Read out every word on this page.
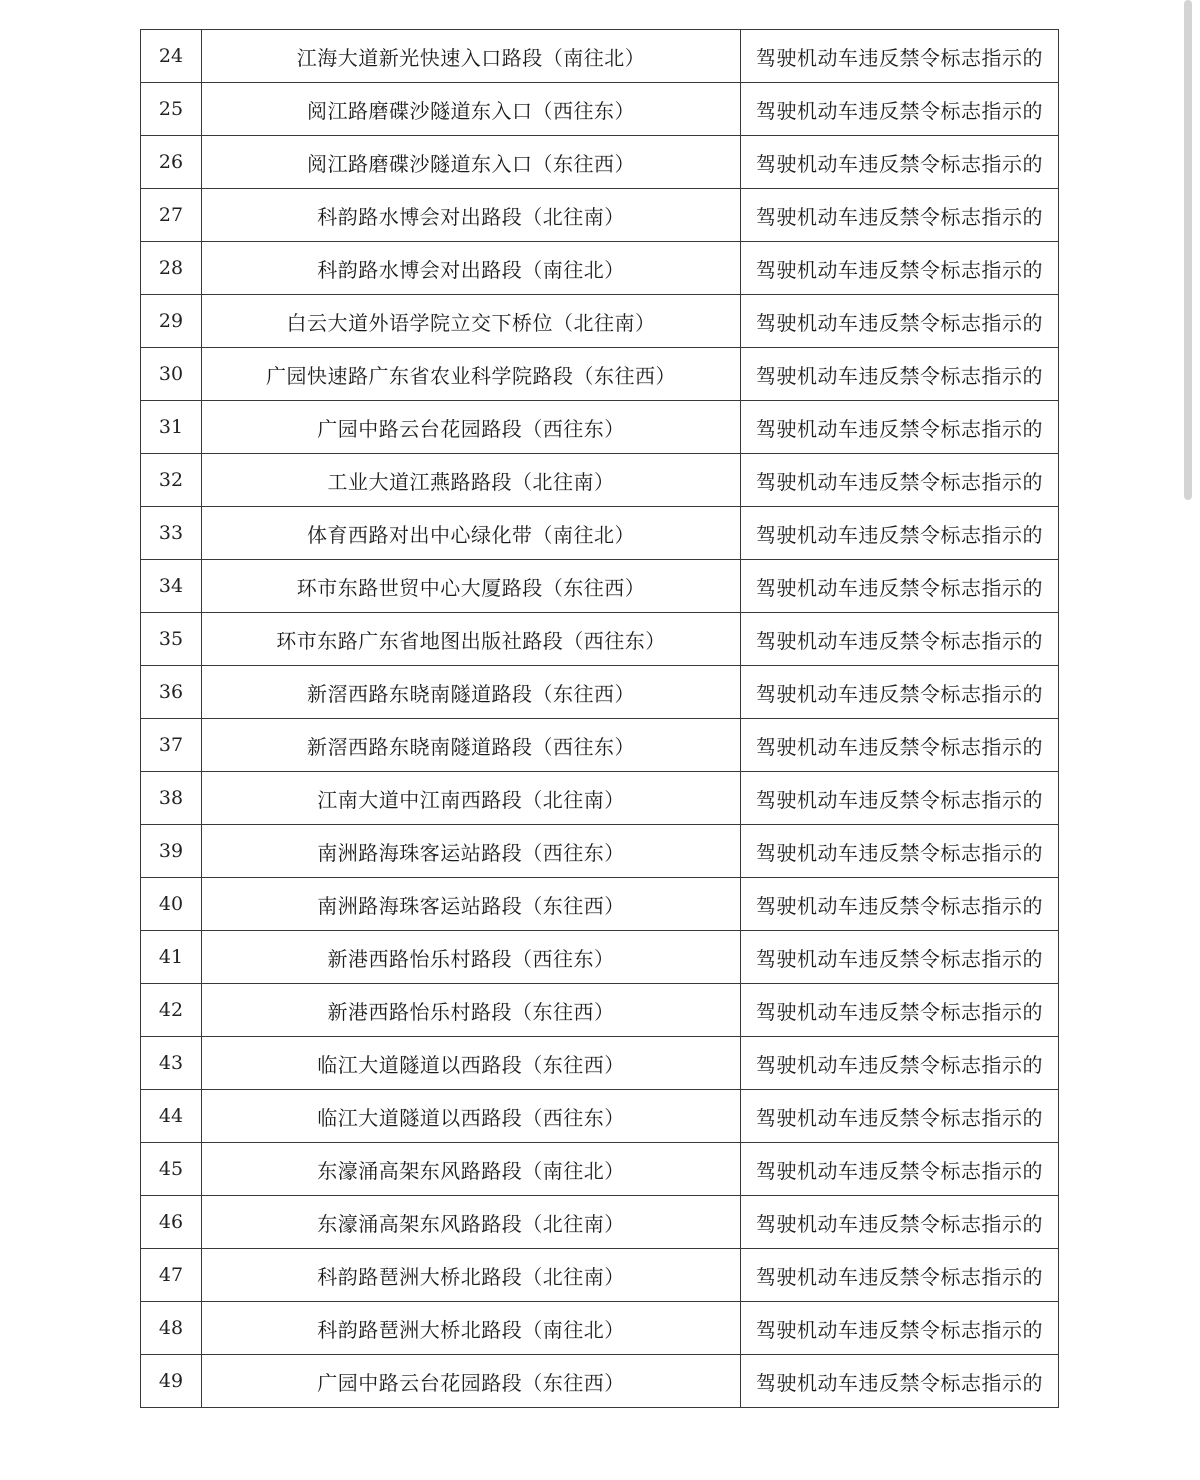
24	江海大道新光快速入口路段（南往北）	驾驶机动车违反禁令标志指示的
25	阅江路磨碟沙隧道东入口（西往东）	驾驶机动车违反禁令标志指示的
26	阅江路磨碟沙隧道东入口（东往西）	驾驶机动车违反禁令标志指示的
27	科韵路水博会对出路段（北往南）	驾驶机动车违反禁令标志指示的
28	科韵路水博会对出路段（南往北）	驾驶机动车违反禁令标志指示的
29	白云大道外语学院立交下桥位（北往南）	驾驶机动车违反禁令标志指示的
30	广园快速路广东省农业科学院路段（东往西）	驾驶机动车违反禁令标志指示的
31	广园中路云台花园路段（西往东）	驾驶机动车违反禁令标志指示的
32	工业大道江燕路路段（北往南）	驾驶机动车违反禁令标志指示的
33	体育西路对出中心绿化带（南往北）	驾驶机动车违反禁令标志指示的
34	环市东路世贸中心大厦路段（东往西）	驾驶机动车违反禁令标志指示的
35	环市东路广东省地图出版社路段（西往东）	驾驶机动车违反禁令标志指示的
36	新滘西路东晓南隧道路段（东往西）	驾驶机动车违反禁令标志指示的
37	新滘西路东晓南隧道路段（西往东）	驾驶机动车违反禁令标志指示的
38	江南大道中江南西路段（北往南）	驾驶机动车违反禁令标志指示的
39	南洲路海珠客运站路段（西往东）	驾驶机动车违反禁令标志指示的
40	南洲路海珠客运站路段（东往西）	驾驶机动车违反禁令标志指示的
41	新港西路怡乐村路段（西往东）	驾驶机动车违反禁令标志指示的
42	新港西路怡乐村路段（东往西）	驾驶机动车违反禁令标志指示的
43	临江大道隧道以西路段（东往西）	驾驶机动车违反禁令标志指示的
44	临江大道隧道以西路段（西往东）	驾驶机动车违反禁令标志指示的
45	东濠涌高架东风路路段（南往北）	驾驶机动车违反禁令标志指示的
46	东濠涌高架东风路路段（北往南）	驾驶机动车违反禁令标志指示的
47	科韵路琶洲大桥北路段（北往南）	驾驶机动车违反禁令标志指示的
48	科韵路琶洲大桥北路段（南往北）	驾驶机动车违反禁令标志指示的
49	广园中路云台花园路段（东往西）	驾驶机动车违反禁令标志指示的
